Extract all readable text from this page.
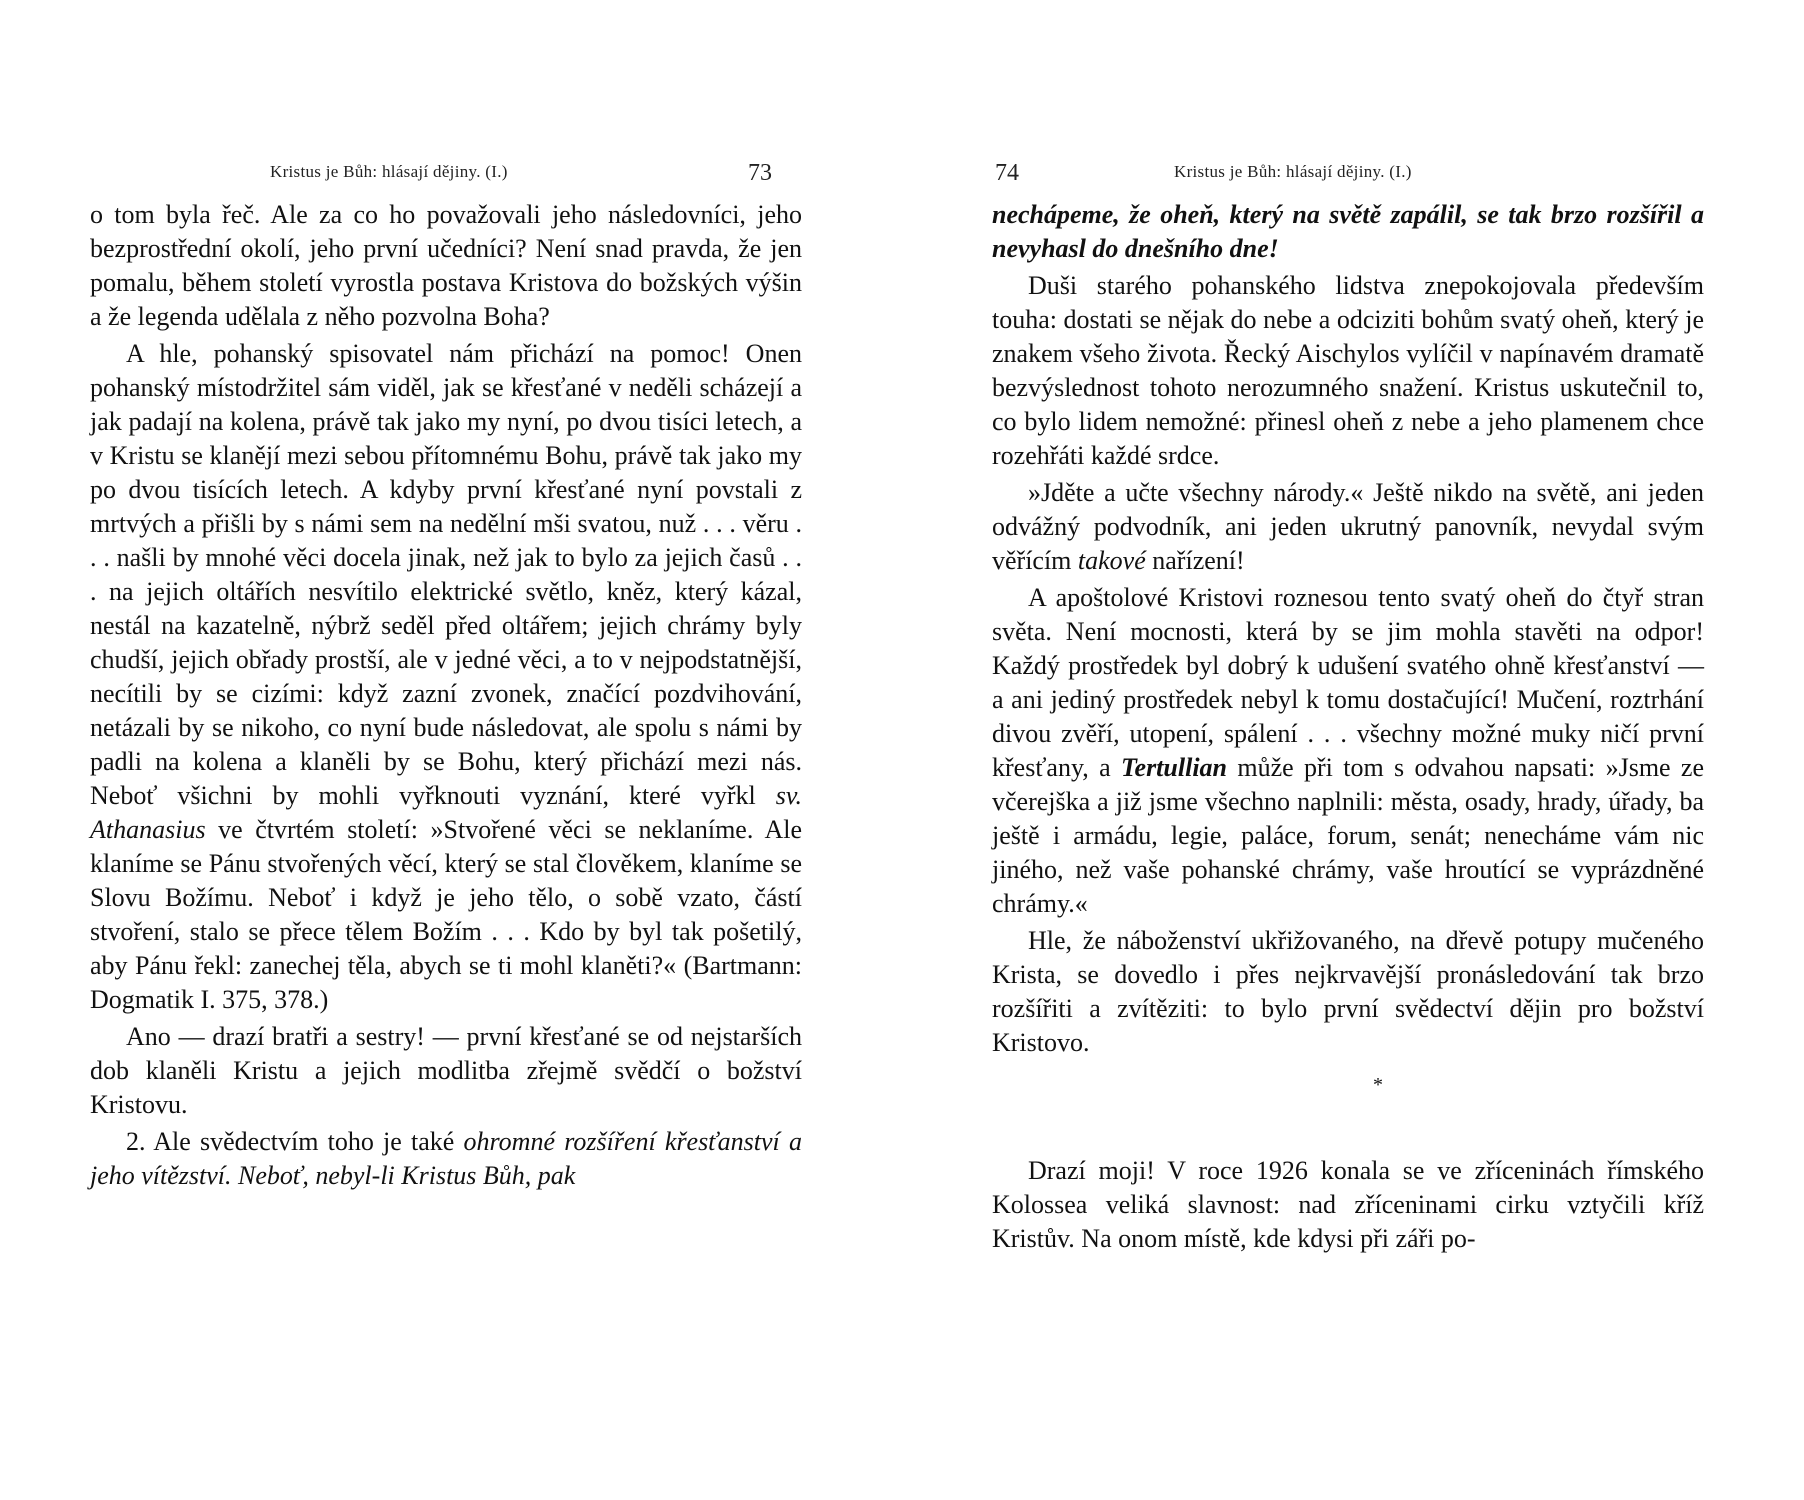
Kristus je Bůh: hlásají dějiny. (I.)	73

o tom byla řeč. Ale za co ho považovali jeho následovníci, jeho bezprostřední okolí, jeho první učedníci? Není snad pravda, že jen pomalu, během století vyrostla postava Kristova do božských výšin a že legenda udělala z něho pozvolna Boha?

A hle, pohanský spisovatel nám přichází na pomoc! Onen pohanský místodržitel sám viděl, jak se křesťané v neděli scházejí a jak padají na kolena, právě tak jako my nyní, po dvou tisíci letech, a v Kristu se klanějí mezi sebou přítomnému Bohu, právě tak jako my po dvou tisících letech. A kdyby první křesťané nyní povstali z mrtvých a přišli by s námi sem na nedělní mši svatou, nuž . . . věru . . . našli by mnohé věci docela jinak, než jak to bylo za jejich časů . . . na jejich oltářích nesvítilo elektrické světlo, kněz, který kázal, nestál na kazatelně, nýbrž seděl před oltářem; jejich chrámy byly chudší, jejich obřady prostší, ale v jedné věci, a to v nejpodstatnější, necítili by se cizími: když zazní zvonek, značící pozdvihování, netázali by se nikoho, co nyní bude následovat, ale spolu s námi by padli na kolena a klaněli by se Bohu, který přichází mezi nás. Neboť všichni by mohli vyřknouti vyznání, které vyřkl sv. Athanasius ve čtvrtém století: »Stvořené věci se neklaníme. Ale klaníme se Pánu stvořených věcí, který se stal člověkem, klaníme se Slovu Božímu. Neboť i když je jeho tělo, o sobě vzato, částí stvoření, stalo se přece tělem Božím . . . Kdo by byl tak pošetilý, aby Pánu řekl: zanechej těla, abych se ti mohl klaněti?« (Bartmann: Dogmatik I. 375, 378.)

Ano — drazí bratři a sestry! — první křesťané se od nejstarších dob klaněli Kristu a jejich modlitba zřejmě svědčí o božství Kristovu.

2. Ale svědectvím toho je také ohromné rozšíření křesťanství a jeho vítězství. Neboť, nebyl-li Kristus Bůh, pak

74	Kristus je Bůh: hlásají dějiny. (I.)

nechápeme, že oheň, který na světě zapálil, se tak brzo rozšířil a nevyhasl do dnešního dne!

Duši starého pohanského lidstva znepokojovala především touha: dostati se nějak do nebe a odciziti bohům svatý oheň, který je znakem všeho života. Řecký Aischylos vylíčil v napínavém dramatě bezvýslednost tohoto nerozumného snažení. Kristus uskutečnil to, co bylo lidem nemožné: přinesl oheň z nebe a jeho plamenem chce rozehřáti každé srdce.

»Jděte a učte všechny národy.« Ještě nikdo na světě, ani jeden odvážný podvodník, ani jeden ukrutný panovník, nevydal svým věřícím takové nařízení!

A apoštolové Kristovi roznesou tento svatý oheň do čtyř stran světa. Není mocnosti, která by se jim mohla stavěti na odpor! Každý prostředek byl dobrý k udušení svatého ohně křesťanství — a ani jediný prostředek nebyl k tomu dostačující! Mučení, roztrhání divou zvěří, utopení, spálení . . . všechny možné muky ničí první křesťany, a Tertullian může při tom s odvahou napsati: »Jsme ze včerejška a již jsme všechno naplnili: města, osady, hrady, úřady, ba ještě i armádu, legie, paláce, forum, senát; nenecháme vám nic jiného, než vaše pohanské chrámy, vaše hroutící se vyprázdněné chrámy.«

Hle, že náboženství ukřižovaného, na dřevě potupy mučeného Krista, se dovedlo i přes nejkrvavější pronásledování tak brzo rozšířiti a zvítěziti: to bylo první svědectví dějin pro božství Kristovo.

*

Drazí moji! V roce 1926 konala se ve zříceninách římského Kolossea veliká slavnost: nad zříceninami cirku vztyčili kříž Kristův. Na onom místě, kde kdysi při záři po-
